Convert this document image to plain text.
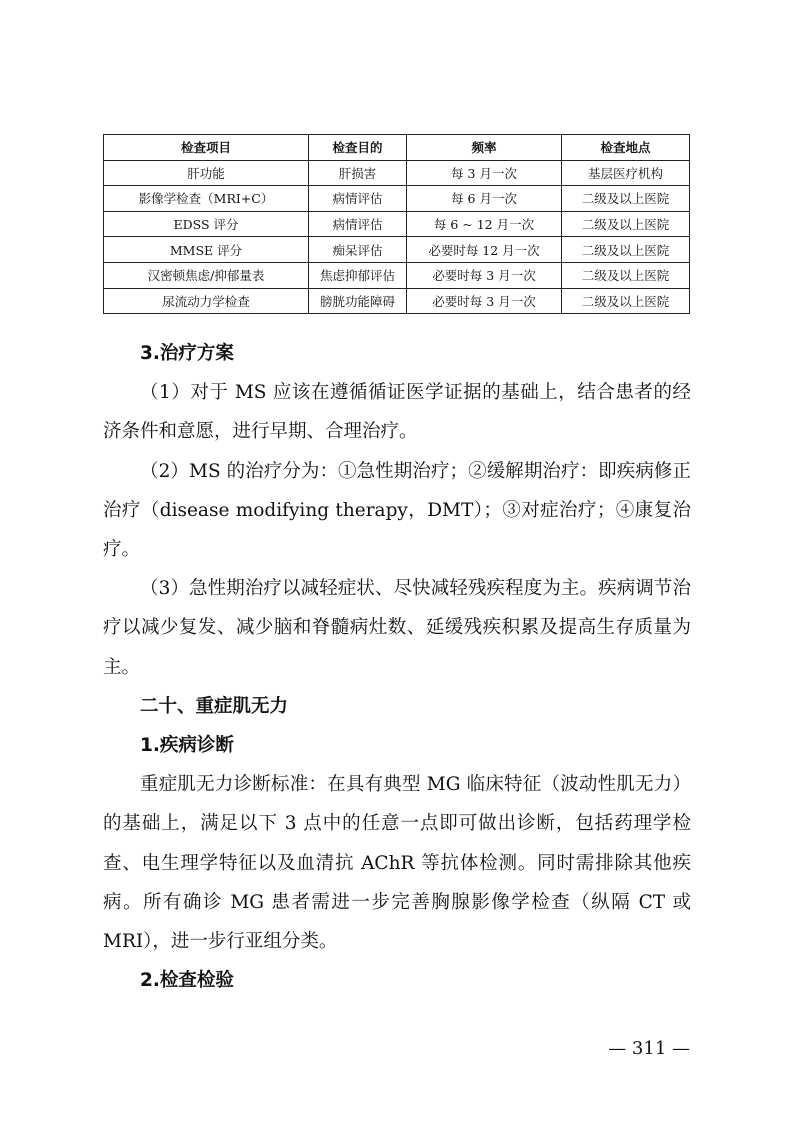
检查项目	检查目的	频率	检查地点
肝功能	肝损害	每 3 月一次	基层医疗机构
影像学检查（MRI+C）	病情评估	每 6 月一次	二级及以上医院
EDSS 评分	病情评估	每 6 ~ 12 月一次	二级及以上医院
MMSE 评分	痴呆评估	必要时每 12 月一次	二级及以上医院
汉密顿焦虑/抑郁量表	焦虑抑郁评估	必要时每 3 月一次	二级及以上医院
尿流动力学检查	膀胱功能障碍	必要时每 3 月一次	二级及以上医院

3.治疗方案

（1）对于 MS 应该在遵循循证医学证据的基础上，结合患者的经济条件和意愿，进行早期、合理治疗。

（2）MS 的治疗分为：①急性期治疗；②缓解期治疗：即疾病修正治疗（disease modifying therapy，DMT）；③对症治疗；④康复治疗。

（3）急性期治疗以减轻症状、尽快减轻残疾程度为主。疾病调节治疗以减少复发、减少脑和脊髓病灶数、延缓残疾积累及提高生存质量为主。

二十、重症肌无力

1.疾病诊断

重症肌无力诊断标准：在具有典型 MG 临床特征（波动性肌无力）的基础上，满足以下 3 点中的任意一点即可做出诊断，包括药理学检查、电生理学特征以及血清抗 AChR 等抗体检测。同时需排除其他疾病。所有确诊 MG 患者需进一步完善胸腺影像学检查（纵隔 CT 或 MRI），进一步行亚组分类。

2.检查检验

— 311 —
